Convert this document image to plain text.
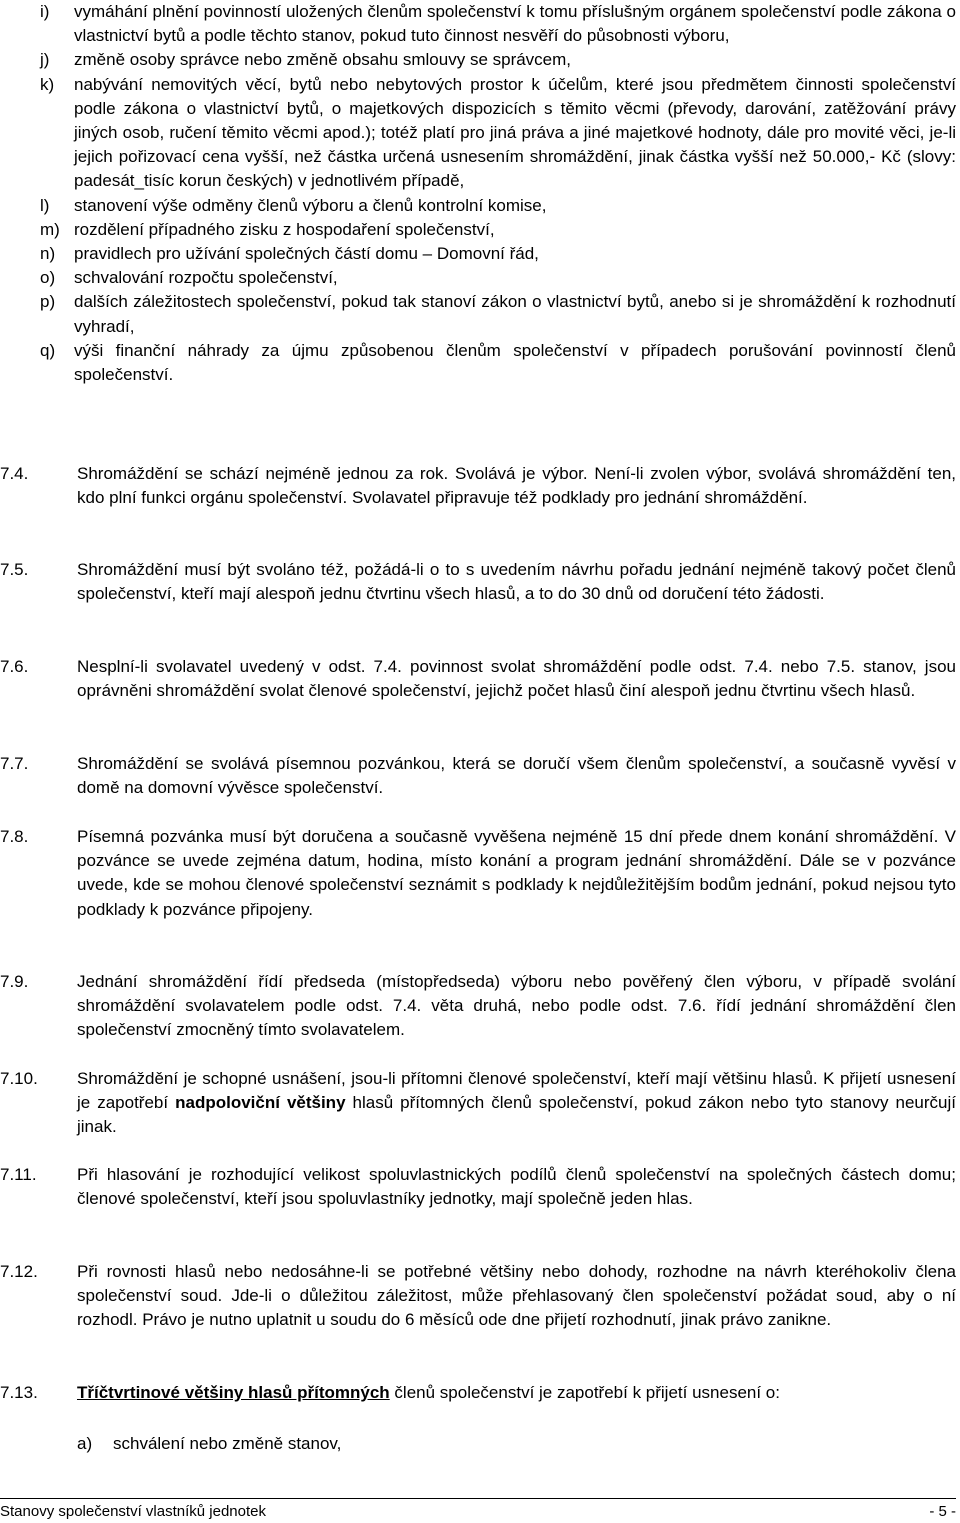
i)	vymáhání plnění povinností uložených členům společenství k tomu příslušným orgánem společenství podle zákona o vlastnictví bytů a podle těchto stanov, pokud tuto činnost nesvěří do působnosti výboru,
j)	změně osoby správce nebo změně obsahu smlouvy se správcem,
k)	nabývání nemovitých věcí, bytů nebo nebytových prostor k účelům, které jsou předmětem činnosti společenství podle zákona o vlastnictví bytů, o majetkových dispozicích s těmito věcmi (převody, darování, zatěžování právy jiných osob, ručení těmito věcmi apod.); totéž platí pro jiná práva a jiné majetkové hodnoty, dále pro movité věci, je-li jejich pořizovací cena vyšší, než částka určená usnesením shromáždění, jinak částka vyšší než 50.000,- Kč (slovy: padesát_tisíc korun českých) v jednotlivém případě,
l)	stanovení výše odměny členů výboru a členů kontrolní komise,
m) rozdělení případného zisku z hospodaření společenství,
n)	pravidlech pro užívání společných částí domu – Domovní řád,
o)	schvalování rozpočtu společenství,
p)	dalších záležitostech společenství, pokud tak stanoví zákon o vlastnictví bytů, anebo si je shromáždění k rozhodnutí vyhradí,
q)	výši finanční náhrady za újmu způsobenou členům společenství v případech porušování povinností členů společenství.
7.4.	Shromáždění se schází nejméně jednou za rok. Svolává je výbor. Není-li zvolen výbor, svolává shromáždění ten, kdo plní funkci orgánu společenství. Svolavatel připravuje též podklady pro jednání shromáždění.
7.5.	Shromáždění musí být svoláno též, požádá-li o to s uvedením návrhu pořadu jednání nejméně takový počet členů společenství, kteří mají alespoň jednu čtvrtinu všech hlasů, a to do 30 dnů od doručení této žádosti.
7.6.	Nesplní-li svolavatel uvedený v odst. 7.4. povinnost svolat shromáždění podle odst. 7.4. nebo 7.5. stanov, jsou oprávněni shromáždění svolat členové společenství, jejichž počet hlasů činí alespoň jednu čtvrtinu všech hlasů.
7.7.	Shromáždění se svolává písemnou pozvánkou, která se doručí všem členům společenství, a současně vyvěsí v domě na domovní vývěsce společenství.
7.8.	Písemná pozvánka musí být doručena a současně vyvěšena nejméně 15 dní přede dnem konání shromáždění. V pozvánce se uvede zejména datum, hodina, místo konání a program jednání shromáždění. Dále se v pozvánce uvede, kde se mohou členové společenství seznámit s podklady k nejdůležitějším bodům jednání, pokud nejsou tyto podklady k pozvánce připojeny.
7.9.	Jednání shromáždění řídí předseda (místopředseda) výboru nebo pověřený člen výboru, v případě svolání shromáždění svolavatelem podle odst. 7.4. věta druhá, nebo podle odst. 7.6. řídí jednání shromáždění člen společenství zmocněný tímto svolavatelem.
7.10.	Shromáždění je schopné usnášení, jsou-li přítomni členové společenství, kteří mají většinu hlasů. K přijetí usnesení je zapotřebí nadpoloviční většiny hlasů přítomných členů společenství, pokud zákon nebo tyto stanovy neurčují jinak.
7.11.	Při hlasování je rozhodující velikost spoluvlastnických podílů členů společenství na společných částech domu; členové společenství, kteří jsou spoluvlastníky jednotky, mají společně jeden hlas.
7.12.	Při rovnosti hlasů nebo nedosáhne-li se potřebné většiny nebo dohody, rozhodne na návrh kteréhokoliv člena společenství soud. Jde-li o důležitou záležitost, může přehlasovaný člen společenství požádat soud, aby o ní rozhodl. Právo je nutno uplatnit u soudu do 6 měsíců ode dne přijetí rozhodnutí, jinak právo zanikne.
7.13.	Tříčtvrtinové většiny hlasů přítomných členů společenství je zapotřebí k přijetí usnesení o:
a)	schválení nebo změně stanov,
Stanovy společenství vlastníků jednotek	- 5 -
